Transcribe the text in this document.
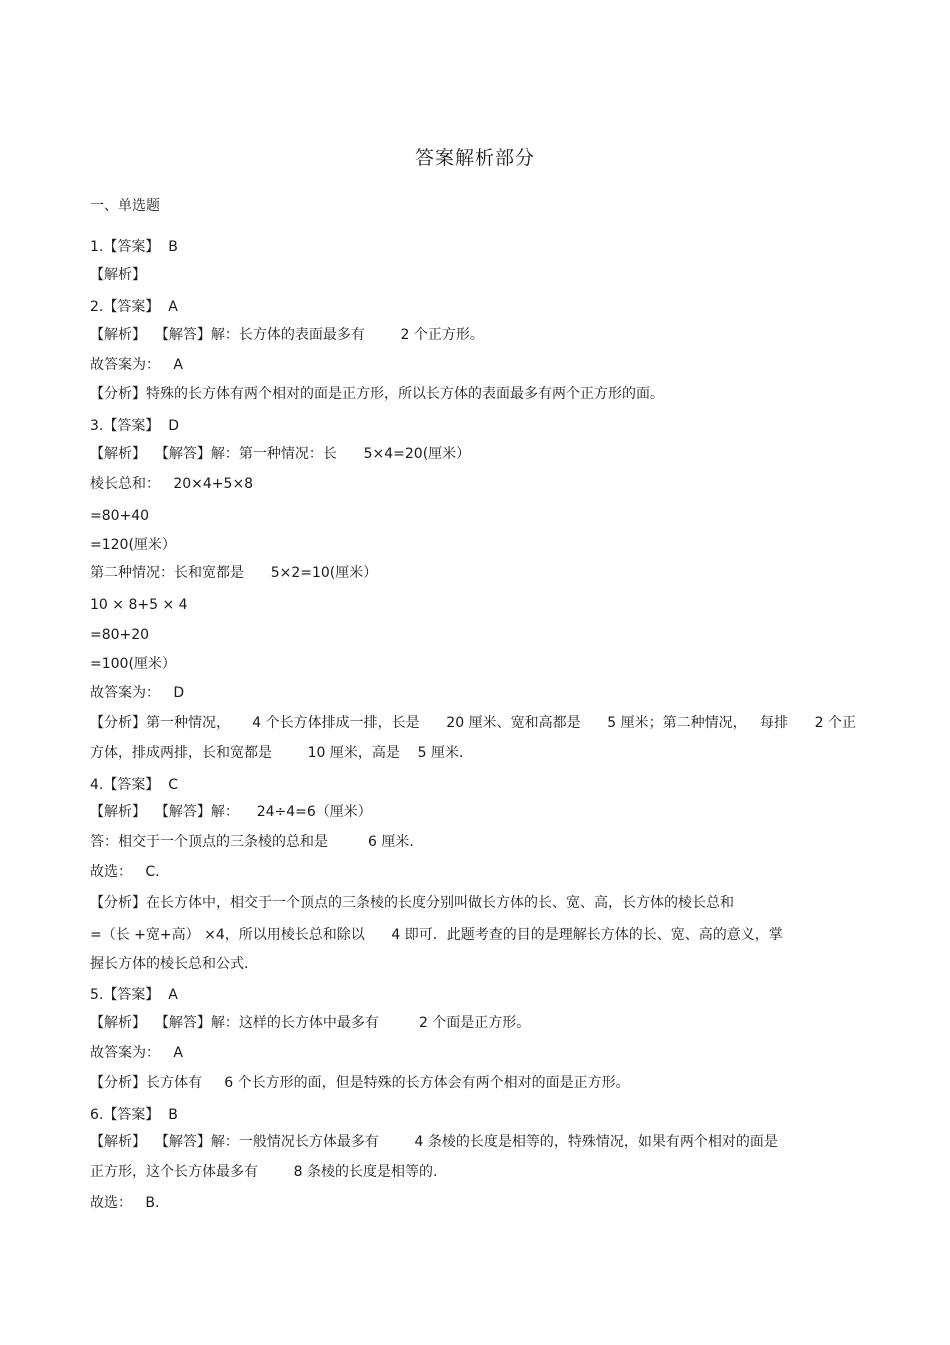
答案解析部分
一、单选题
1.【答案】  B
【解析】
2.【答案】  A
【解析】  【解答】解：长方体的表面最多有        2 个正方形。
故答案为：   A
【分析】特殊的长方体有两个相对的面是正方形，所以长方体的表面最多有两个正方形的面。
3.【答案】  D
【解析】  【解答】解：第一种情况：长      5×4=20(厘米）
棱长总和：   20×4+5×8
=80+40
=120(厘米）
第二种情况：长和宽都是      5×2=10(厘米）
10 × 8+5 × 4
=80+20
=100(厘米）
故答案为：   D
【分析】第一种情况，     4 个长方体排成一排，长是      20 厘米、宽和高都是      5 厘米；第二种情况，   每排      2 个正
方体，排成两排，长和宽都是        10 厘米，高是    5 厘米．
4.【答案】  C
【解析】  【解答】解：    24÷4=6（厘米）
答：相交于一个顶点的三条棱的总和是         6 厘米.
故选：   C.
【分析】在长方体中，相交于一个顶点的三条棱的长度分别叫做长方体的长、宽、高，长方体的棱长总和
=（长 +宽+高） ×4，所以用棱长总和除以      4 即可．此题考查的目的是理解长方体的长、宽、高的意义，掌
握长方体的棱长总和公式.
5.【答案】  A
【解析】  【解答】解：这样的长方体中最多有         2 个面是正方形。
故答案为：   A
【分析】长方体有     6 个长方形的面，但是特殊的长方体会有两个相对的面是正方形。
6.【答案】  B
【解析】  【解答】解：一般情况长方体最多有        4 条棱的长度是相等的，特殊情况，如果有两个相对的面是
正方形，这个长方体最多有        8 条棱的长度是相等的.
故选：   B.
